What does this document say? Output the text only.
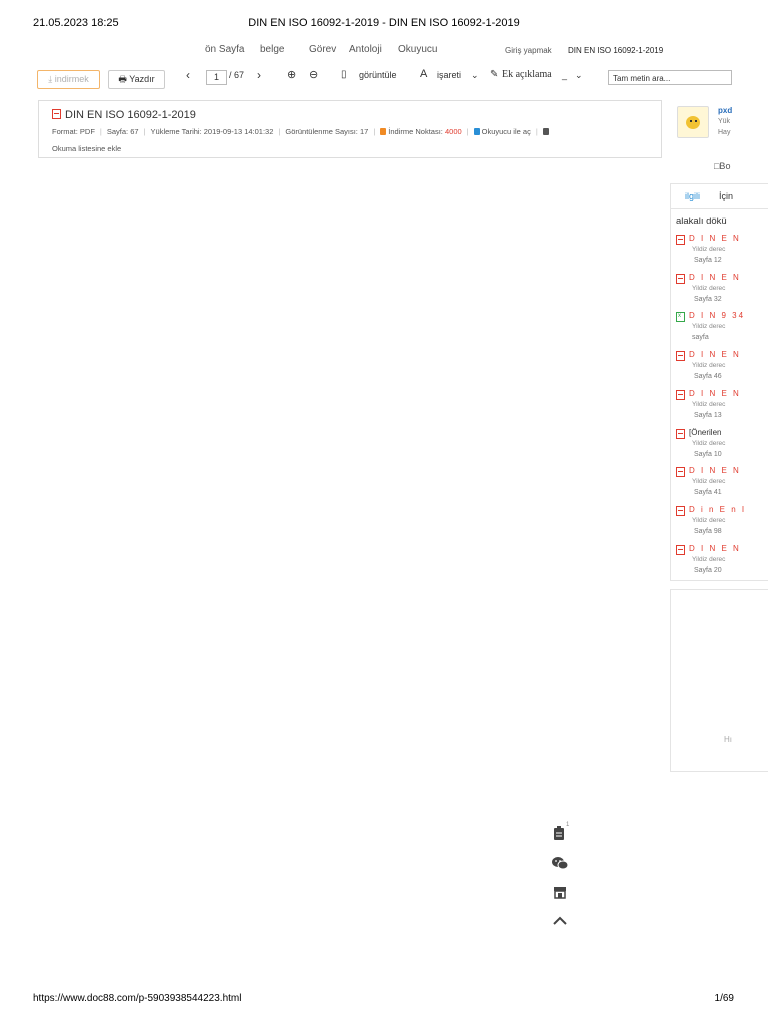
21.05.2023 18:25	DIN EN ISO 16092-1-2019 - DIN EN ISO 16092-1-2019
ön Sayfa belge Görev Antoloji Okuyucu	Giriş yapmak DIN EN ISO 16092-1-2019
⤓ indirmek	🖶 Yazdır	‹	1	/ 67 › ⊕ ⊖ ▯ görüntüle A işareti ⌄ ✎ Ek açıklama _ ⌄	Tam metin ara...
DIN EN ISO 16092-1-2019
Format: PDF | Sayfa: 67 | Yükleme Tarihi: 2019-09-13 14:01:32 | Görüntülenme Sayısı: 17 | İndirme Noktası: 4000 | Okuyucu ile aç |
Okuma listesine ekle
pxd
Yük
Hay
□Bo
ilgili İçin
alakalı dökü
D I N E N
Yildiz derec
Sayfa 12
D I N E N
Yildiz derec
Sayfa 32
x
D I N 9 34
Yildiz derec
sayfa
D I N E N
Yildiz derec
Sayfa 46
D I N E N
Yildiz derec
Sayfa 13
[Önerilen
Yildiz derec
Sayfa 10
D I N E N
Yildiz derec
Sayfa 41
D i n E n I
Yildiz derec
Sayfa 98
D I N E N
Yildiz derec
Sayfa 20
Hı
1
https://www.doc88.com/p-5903938544223.html	1/69
